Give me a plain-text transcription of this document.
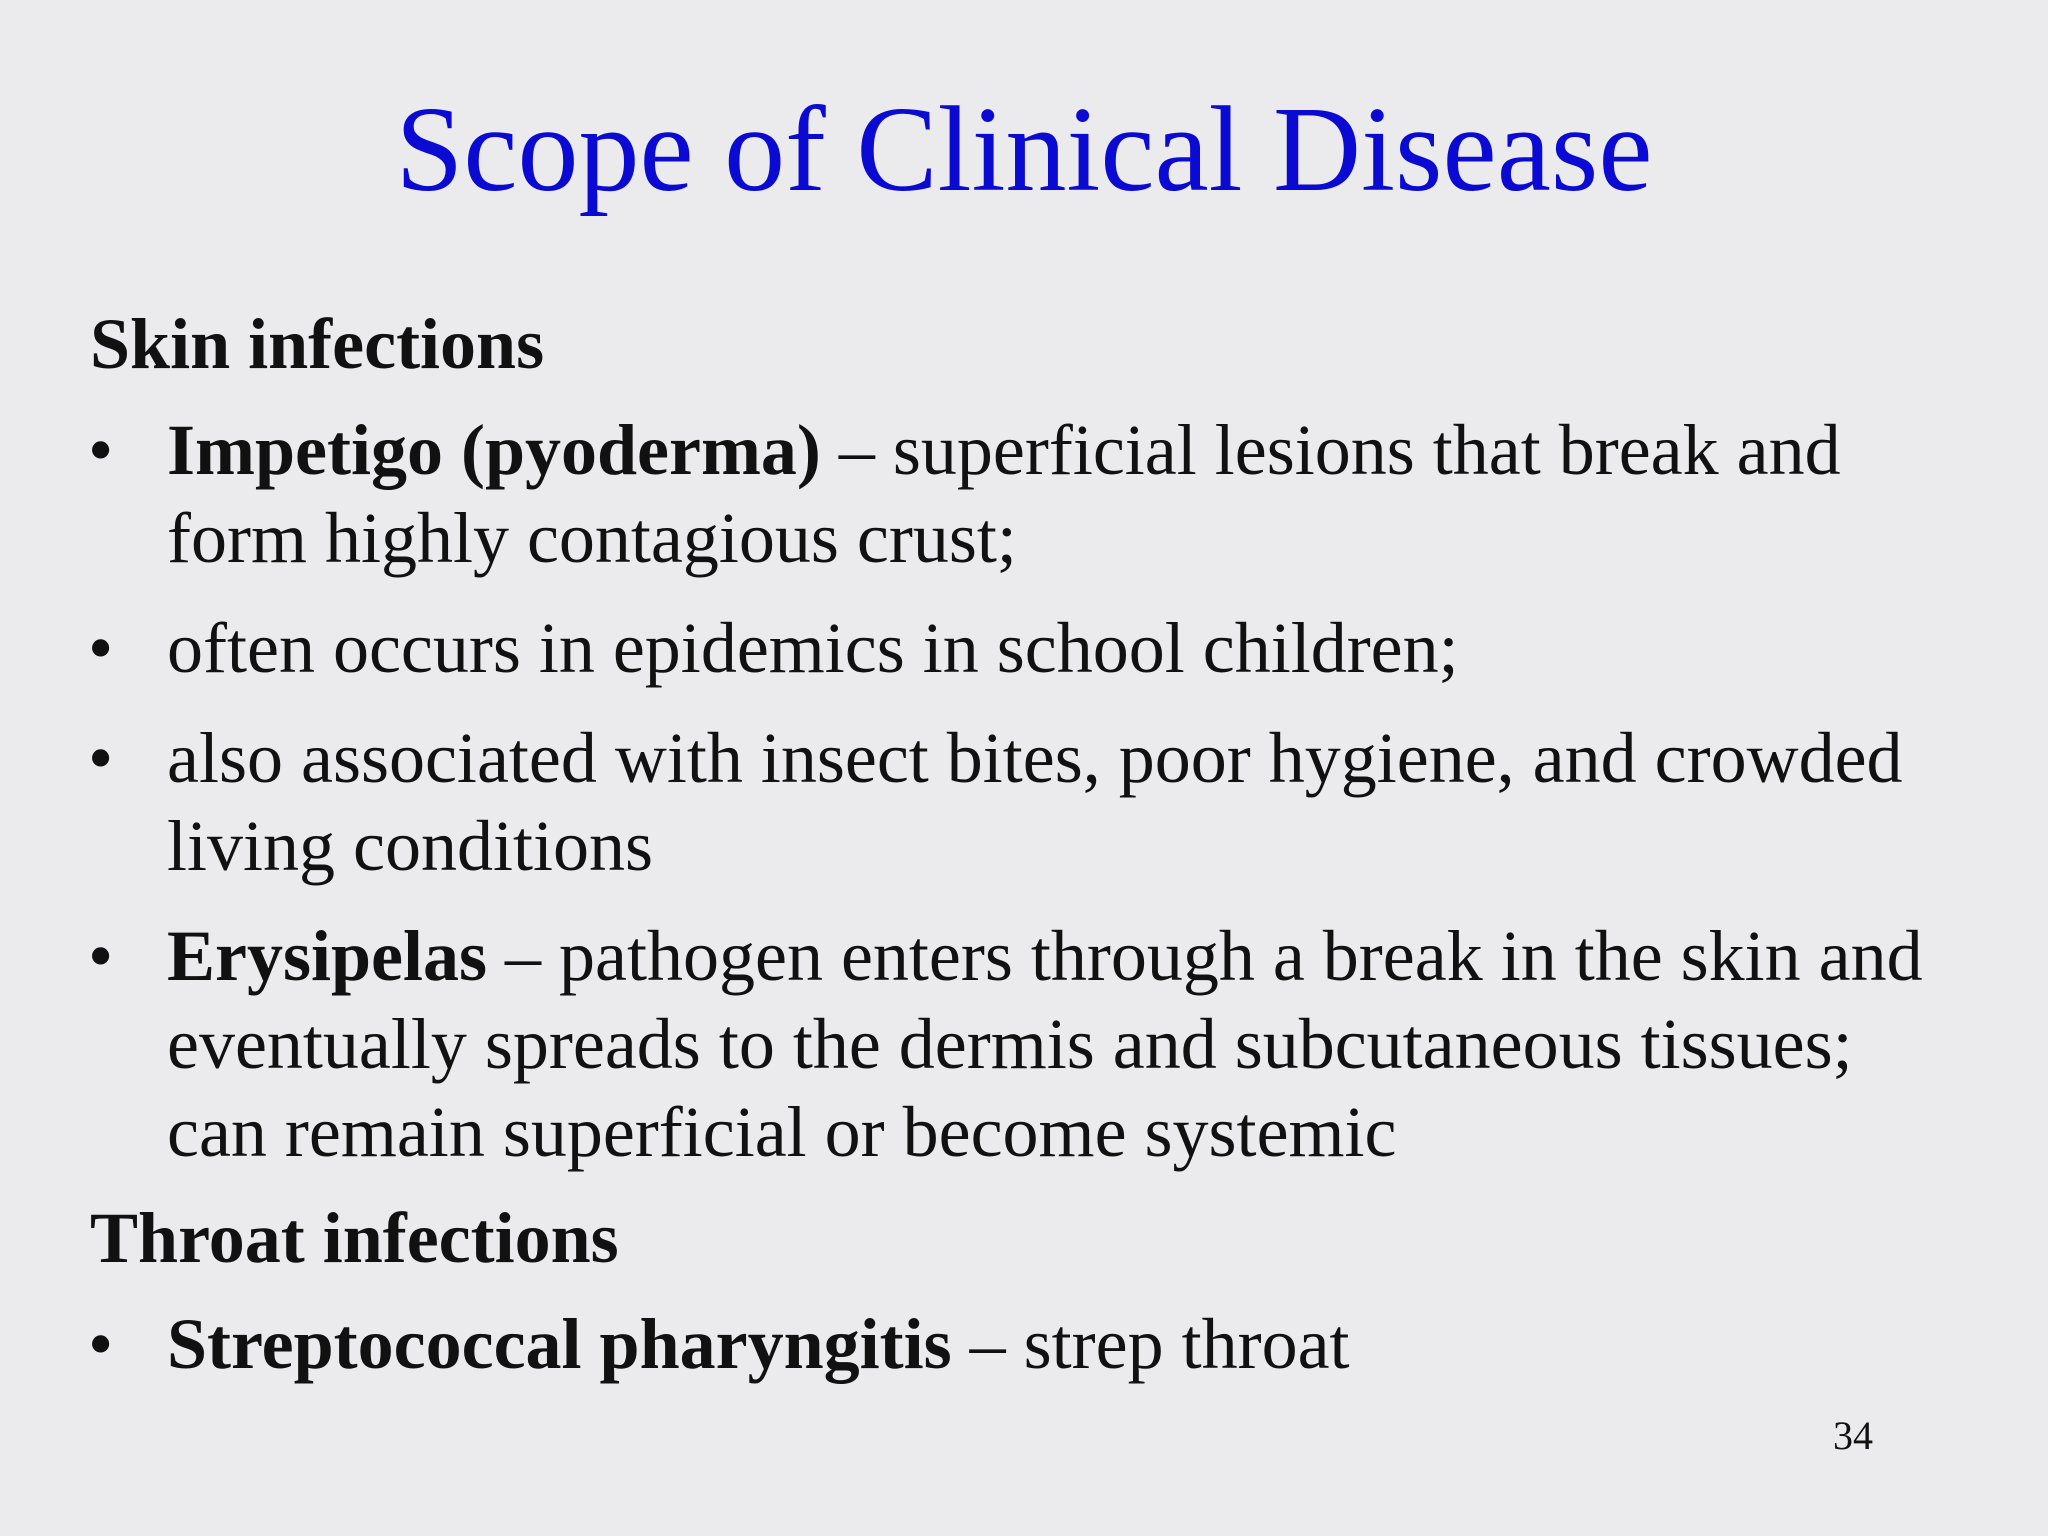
Scope of Clinical Disease

Skin infections

• Impetigo (pyoderma) – superficial lesions that break and form highly contagious crust;

• often occurs in epidemics in school children;

• also associated with insect bites, poor hygiene, and crowded living conditions

• Erysipelas – pathogen enters through a break in the skin and eventually spreads to the dermis and subcutaneous tissues; can remain superficial or become systemic

Throat infections

• Streptococcal pharyngitis – strep throat

34
